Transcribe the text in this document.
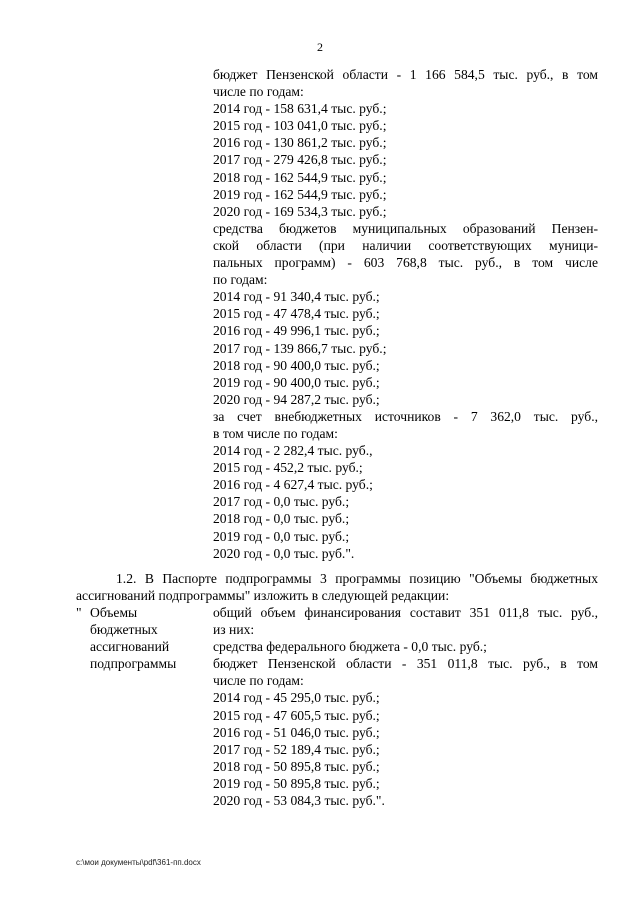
2
бюджет Пензенской области - 1 166 584,5 тыс. руб., в том
числе по годам:
2014 год - 158 631,4 тыс. руб.;
2015 год - 103 041,0 тыс. руб.;
2016 год - 130 861,2 тыс. руб.;
2017 год - 279 426,8 тыс. руб.;
2018 год - 162 544,9 тыс. руб.;
2019 год - 162 544,9 тыс. руб.;
2020 год - 169 534,3 тыс. руб.;
средства бюджетов муниципальных образований Пензен-
ской области (при наличии соответствующих муници-
пальных программ) - 603 768,8 тыс. руб., в том числе
по годам:
2014 год - 91 340,4 тыс. руб.;
2015 год - 47 478,4 тыс. руб.;
2016 год - 49 996,1 тыс. руб.;
2017 год - 139 866,7 тыс. руб.;
2018 год - 90 400,0 тыс. руб.;
2019 год - 90 400,0 тыс. руб.;
2020 год - 94 287,2 тыс. руб.;
за счет внебюджетных источников - 7 362,0 тыс. руб.,
в том числе по годам:
2014 год - 2 282,4 тыс. руб.,
2015 год - 452,2 тыс. руб.;
2016 год - 4 627,4 тыс. руб.;
2017 год - 0,0 тыс. руб.;
2018 год - 0,0 тыс. руб.;
2019 год - 0,0 тыс. руб.;
2020 год - 0,0 тыс. руб.".
1.2. В Паспорте подпрограммы 3 программы позицию "Объемы бюджетных
ассигнований подпрограммы" изложить в следующей редакции:
" Объемы
бюджетных
ассигнований
подпрограммы
общий объем финансирования составит 351 011,8 тыс. руб.,
из них:
средства федерального бюджета - 0,0 тыс. руб.;
бюджет Пензенской области - 351 011,8 тыс. руб., в том
числе по годам:
2014 год - 45 295,0 тыс. руб.;
2015 год - 47 605,5 тыс. руб.;
2016 год - 51 046,0 тыс. руб.;
2017 год - 52 189,4 тыс. руб.;
2018 год - 50 895,8 тыс. руб.;
2019 год - 50 895,8 тыс. руб.;
2020 год - 53 084,3 тыс. руб.".
c:\мои документы\pdf\361-пп.docx
